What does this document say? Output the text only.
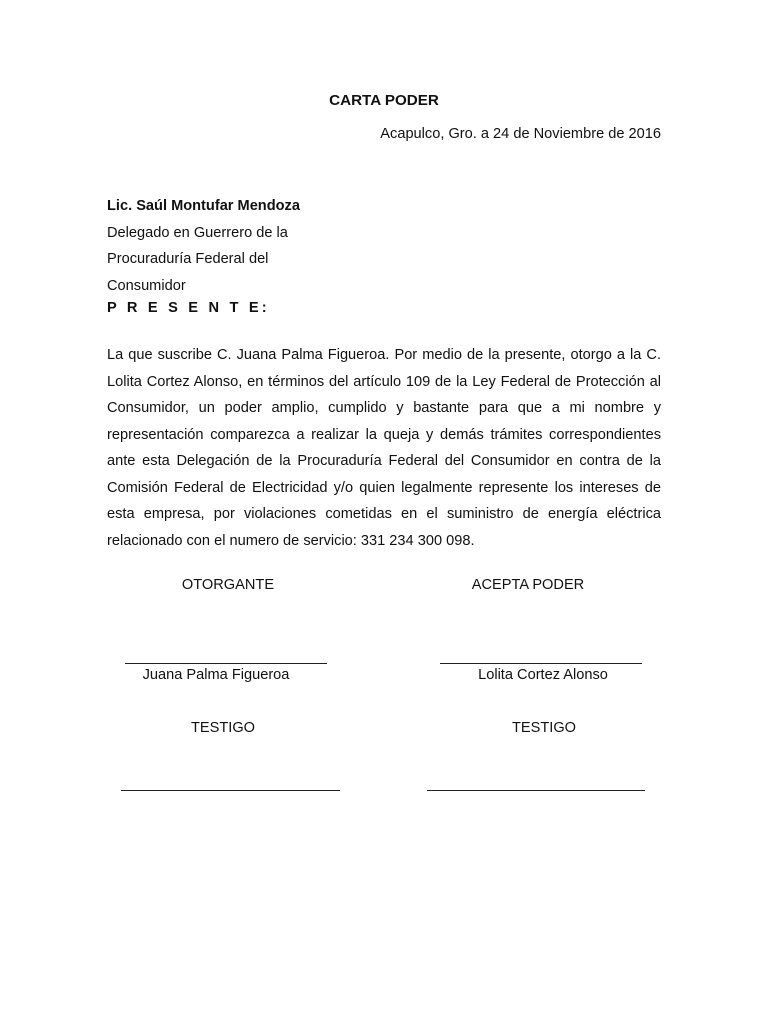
CARTA PODER
Acapulco, Gro. a 24 de Noviembre de 2016
Lic. Saúl Montufar Mendoza
Delegado en Guerrero de la
Procuraduría Federal del
Consumidor
P R E S E N T E:
La que suscribe C. Juana Palma Figueroa. Por medio de la presente, otorgo a la C. Lolita Cortez Alonso, en términos del artículo 109 de la Ley Federal de Protección al Consumidor, un poder amplio, cumplido y bastante para que a mi nombre y representación comparezca a realizar la queja y demás trámites correspondientes ante esta Delegación de la Procuraduría Federal del Consumidor en contra de la Comisión Federal de Electricidad y/o quien legalmente represente los intereses de esta empresa, por violaciones cometidas en el suministro de energía eléctrica relacionado con el numero de servicio: 331 234 300 098.
OTORGANTE	ACEPTA PODER
Juana Palma Figueroa	Lolita Cortez Alonso
TESTIGO	TESTIGO
